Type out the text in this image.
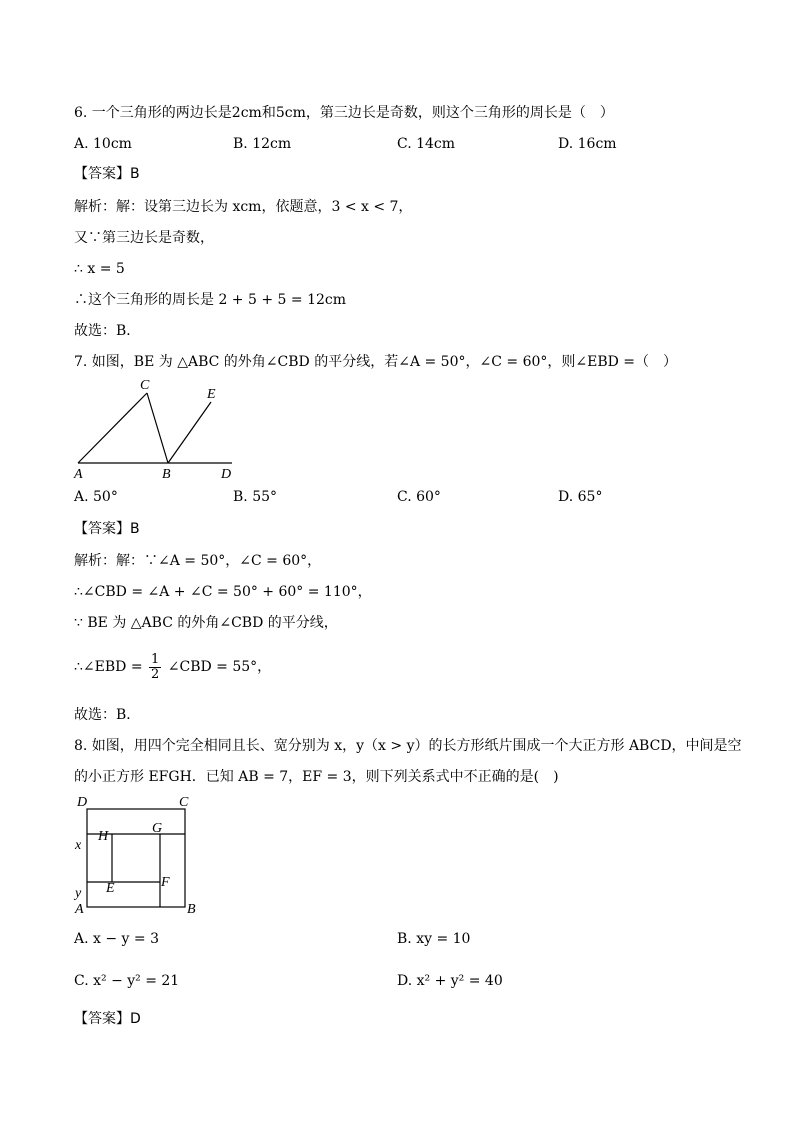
6. 一个三角形的两边长是2cm和5cm，第三边长是奇数，则这个三角形的周长是（　）
A. 10cm	B. 12cm	C. 14cm	D. 16cm
【答案】B
解析：解：设第三边长为 xcm，依题意，3 < x < 7，
又∵第三边长是奇数，
∴ x = 5
∴这个三角形的周长是 2 + 5 + 5 = 12cm
故选：B．
7. 如图，BE 为 △ABC 的外角∠CBD 的平分线，若∠A = 50°，∠C = 60°，则∠EBD =（　）
A	B
C
D
E
A. 50°	B. 55°	C. 60°	D. 65°
【答案】B
解析：解：∵∠A = 50°，∠C = 60°，
∴∠CBD = ∠A + ∠C = 50° + 60° = 110°，
∵ BE 为 △ABC 的外角∠CBD 的平分线，
∴∠EBD = $\frac{1}{2}$ ∠CBD = 55°，
故选：B．
8. 如图，用四个完全相同且长、宽分别为 x，y（x > y）的长方形纸片围成一个大正方形 ABCD，中间是空
的小正方形 EFGH．已知 AB = 7，EF = 3，则下列关系式中不正确的是(　)
D	C
H
G
x
y E	F
A	B
A. x − y = 3	B. xy = 10
C. x² − y² = 21	D. x² + y² = 40
【答案】D
